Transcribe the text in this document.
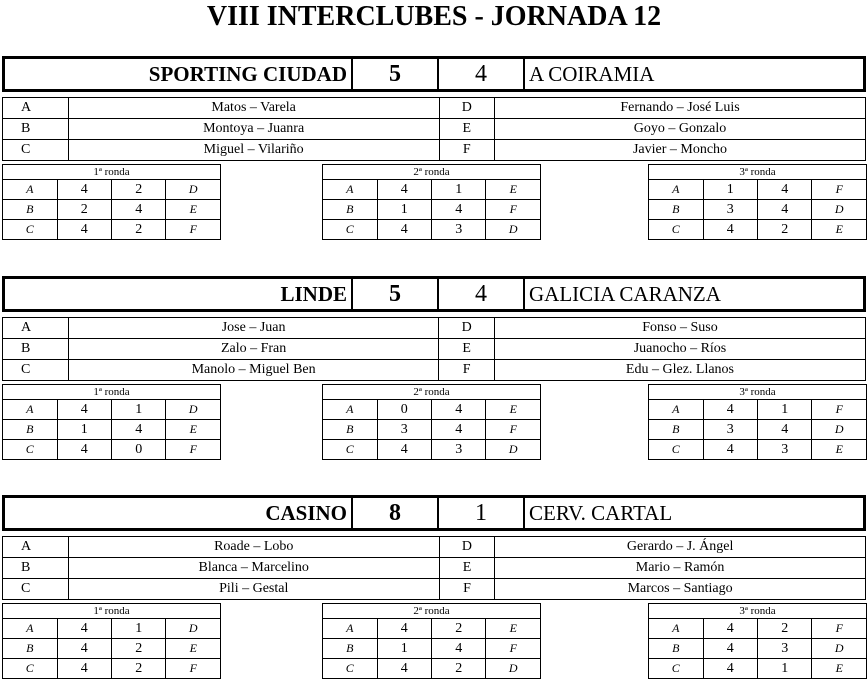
VIII INTERCLUBES - JORNADA 12
SPORTING CIUDAD	5	4	A COIRAMIA
A	Matos – Varela	D	Fernando – José Luis
B	Montoya – Juanra	E	Goyo – Gonzalo
C	Miguel – Vilariño	F	Javier – Moncho
1ª ronda			
A	4	2	D
B	2	4	E
C	4	2	F
2ª ronda			
A	4	1	E
B	1	4	F
C	4	3	D
3ª ronda			
A	1	4	F
B	3	4	D
C	4	2	E
LINDE	5	4	GALICIA CARANZA
A	Jose – Juan	D	Fonso – Suso
B	Zalo – Fran	E	Juanocho – Ríos
C	Manolo – Miguel Ben	F	Edu – Glez. Llanos
1ª ronda			
A	4	1	D
B	1	4	E
C	4	0	F
2ª ronda			
A	0	4	E
B	3	4	F
C	4	3	D
3ª ronda			
A	4	1	F
B	3	4	D
C	4	3	E
CASINO	8	1	CERV. CARTAL
A	Roade – Lobo	D	Gerardo – J. Ángel
B	Blanca – Marcelino	E	Mario – Ramón
C	Pili – Gestal	F	Marcos – Santiago
1ª ronda			
A	4	1	D
B	4	2	E
C	4	2	F
2ª ronda			
A	4	2	E
B	1	4	F
C	4	2	D
3ª ronda			
A	4	2	F
B	4	3	D
C	4	1	E
